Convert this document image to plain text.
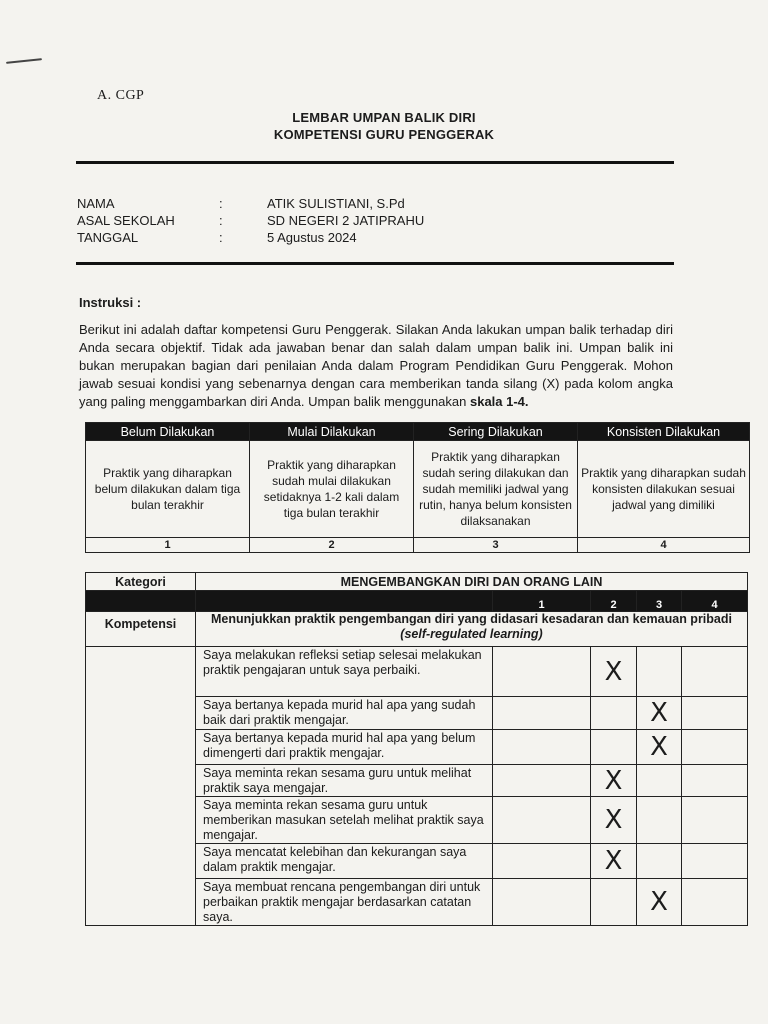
A. CGP
LEMBAR UMPAN BALIK DIRI
KOMPETENSI GURU PENGGERAK
NAMA	:	ATIK SULISTIANI, S.Pd
ASAL SEKOLAH	:	SD NEGERI 2 JATIPRAHU
TANGGAL	:	5 Agustus 2024
Instruksi :
Berikut ini adalah daftar kompetensi Guru Penggerak. Silakan Anda lakukan umpan balik terhadap diri Anda secara objektif. Tidak ada jawaban benar dan salah dalam umpan balik ini. Umpan balik ini bukan merupakan bagian dari penilaian Anda dalam Program Pendidikan Guru Penggerak. Mohon jawab sesuai kondisi yang sebenarnya dengan cara memberikan tanda silang (X) pada kolom angka yang paling menggambarkan diri Anda. Umpan balik menggunakan skala 1-4.
Belum Dilakukan	Mulai Dilakukan	Sering Dilakukan	Konsisten Dilakukan
Praktik yang diharapkan belum dilakukan dalam tiga bulan terakhir	Praktik yang diharapkan sudah mulai dilakukan setidaknya 1-2 kali dalam tiga bulan terakhir	Praktik yang diharapkan sudah sering dilakukan dan sudah memiliki jadwal yang rutin, hanya belum konsisten dilaksanakan	Praktik yang diharapkan sudah konsisten dilakukan sesuai jadwal yang dimiliki
1	2	3	4
Kategori	MENGEMBANGKAN DIRI DAN ORANG LAIN				
		1	2	3	4
Kompetensi	Menunjukkan praktik pengembangan diri yang didasari kesadaran dan kemauan pribadi
(self-regulated learning)				
	Saya melakukan refleksi setiap selesai melakukan praktik pengajaran untuk saya perbaiki.		X		
	Saya bertanya kepada murid hal apa yang sudah baik dari praktik mengajar.			X	
	Saya bertanya kepada murid hal apa yang belum dimengerti dari praktik mengajar.			X	
	Saya meminta rekan sesama guru untuk melihat praktik saya mengajar.		X		
	Saya meminta rekan sesama guru untuk memberikan masukan setelah melihat praktik saya mengajar.		X		
	Saya mencatat kelebihan dan kekurangan saya dalam praktik mengajar.		X		
	Saya membuat rencana pengembangan diri untuk perbaikan praktik mengajar berdasarkan catatan saya.			X	
